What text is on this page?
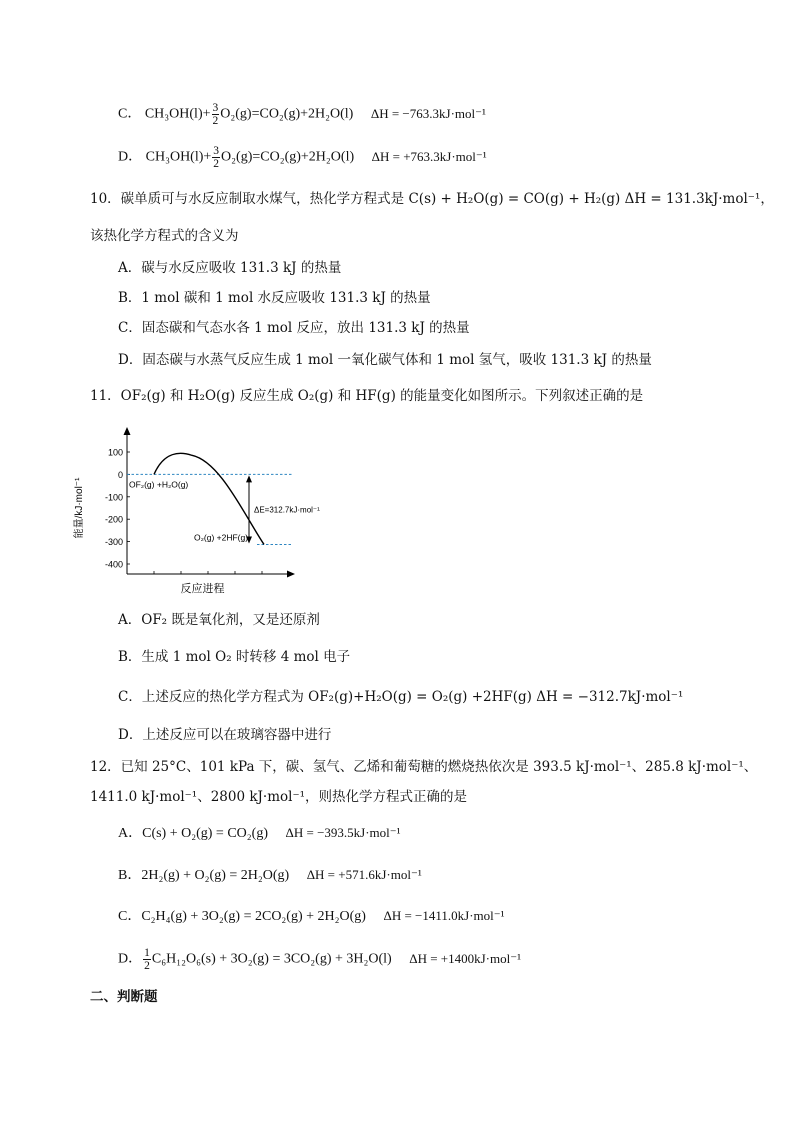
C． $CH_3OH(l)+ \frac{3}{2} O_2(g)=CO_2(g)+2H_2O(l) \Delta H = -763.3kJ\cdot mol^{-1}$
D． $CH_3OH(l)+ \frac{3}{2} O_2(g)=CO_2(g)+2H_2O(l) \Delta H = +763.3kJ\cdot mol^{-1}$
10．碳单质可与水反应制取水煤气，热化学方程式是 C(s) + H₂O(g) = CO(g) + H₂(g) ΔH = 131.3kJ·mol⁻¹，
该热化学方程式的含义为
A．碳与水反应吸收 131.3 kJ 的热量
B．1 mol 碳和 1 mol 水反应吸收 131.3 kJ 的热量
C．固态碳和气态水各 1 mol 反应，放出 131.3 kJ 的热量
D．固态碳与水蒸气反应生成 1 mol 一氧化碳气体和 1 mol 氢气，吸收 131.3 kJ 的热量
11．OF₂(g) 和 H₂O(g) 反应生成 O₂(g) 和 HF(g) 的能量变化如图所示。下列叙述正确的是
能量/kJ·mol⁻¹
反应进程
100
0
-100
-200
-300
-400
OF₂(g) +H₂O(g)
O₂(g) +2HF(g)
ΔE=312.7kJ·mol⁻¹
A．OF₂ 既是氧化剂，又是还原剂
B．生成 1 mol O₂ 时转移 4 mol 电子
C．上述反应的热化学方程式为 OF₂(g)+H₂O(g) = O₂(g) +2HF(g) ΔH = −312.7kJ·mol⁻¹
D．上述反应可以在玻璃容器中进行
12．已知 25°C、101 kPa 下，碳、氢气、乙烯和葡萄糖的燃烧热依次是 393.5 kJ·mol⁻¹、285.8 kJ·mol⁻¹、
1411.0 kJ·mol⁻¹、2800 kJ·mol⁻¹，则热化学方程式正确的是
A．C(s) + O₂(g) = CO₂(g) ΔH = −393.5kJ·mol⁻¹
B．2H₂(g) + O₂(g) = 2H₂O(g) ΔH = +571.6kJ·mol⁻¹
C．C₂H₄(g) + 3O₂(g) = 2CO₂(g) + 2H₂O(g) ΔH = −1411.0kJ·mol⁻¹
D． $\frac{1}{2} C_6H_{12}O_6(s) + 3O_2(g) = 3CO_2(g) + 3H_2O(l) \Delta H = +1400kJ\cdot mol^{-1}$
二、判断题
